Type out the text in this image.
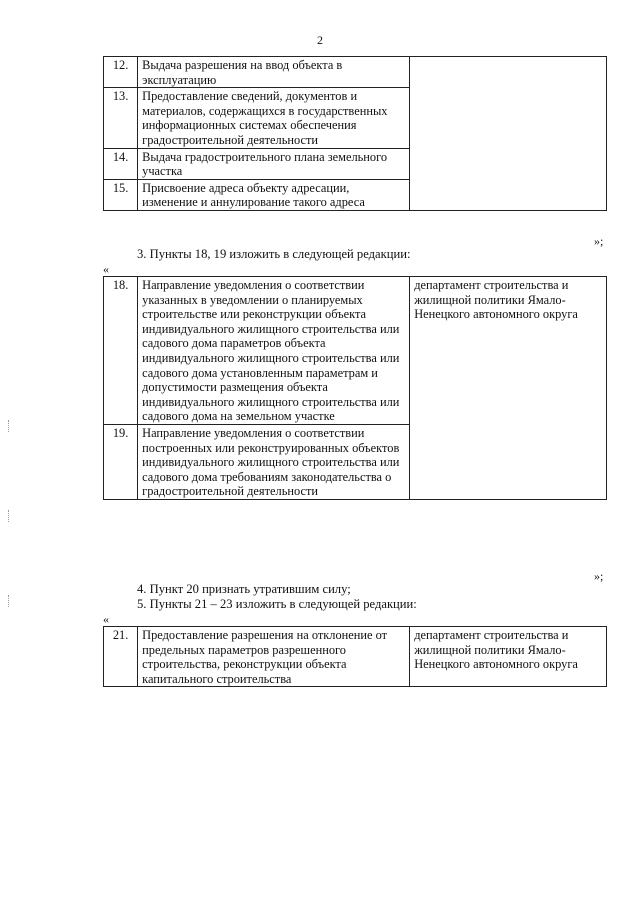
2
12.	Выдача разрешения на ввод объекта в эксплуатацию	
13.	Предоставление сведений, документов и материалов, содержащихся в государственных информационных системах обеспечения градостроительной деятельности	
14.	Выдача градостроительного плана земельного участка	
15.	Присвоение адреса объекту адресации, изменение и аннулирование такого адреса	
»;
3. Пункты 18, 19 изложить в следующей редакции:
«
18.	Направление уведомления о соответствии указанных в уведомлении о планируемых строительстве или реконструкции объекта индивидуального жилищного строительства или садового дома параметров объекта индивидуального жилищного строительства или садового дома установленным параметрам и допустимости размещения объекта индивидуального жилищного строительства или садового дома на земельном участке	департамент строительства и жилищной политики Ямало-Ненецкого автономного округа
19.	Направление уведомления о соответствии построенных или реконструированных объектов индивидуального жилищного строительства или садового дома требованиям законодательства о градостроительной деятельности	
»;
4. Пункт 20 признать утратившим силу;
5. Пункты 21 – 23 изложить в следующей редакции:
«
21.	Предоставление разрешения на отклонение от предельных параметров разрешенного строительства, реконструкции объекта капитального строительства	департамент строительства и жилищной политики Ямало-Ненецкого автономного округа
